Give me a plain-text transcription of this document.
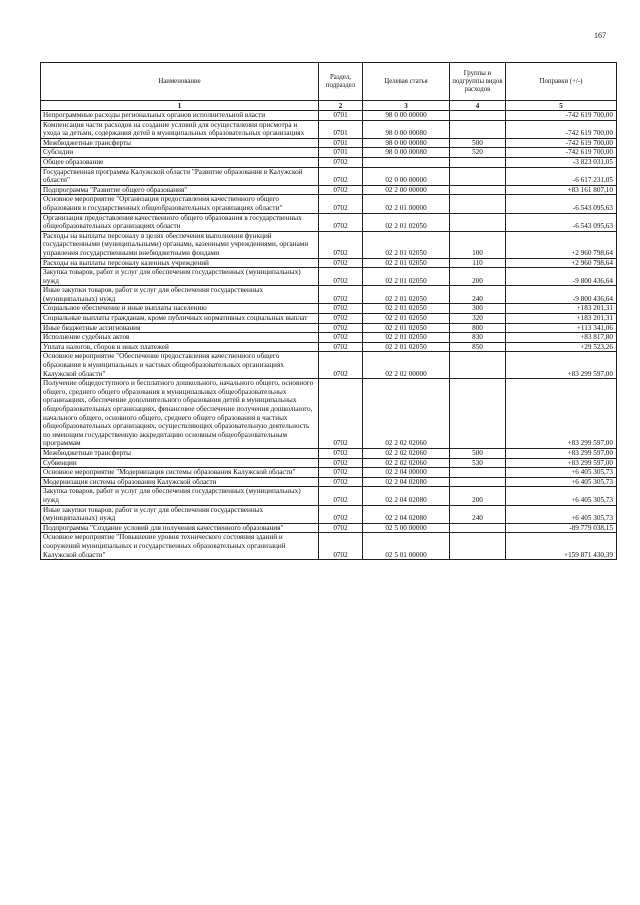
167
Наименование	Раздел, подраздел	Целевая статья	Группы и подгруппы видов расходов	Поправки (+/-)
1	2	3	4	5
Непрограммные расходы региональных органов исполнительной власти	0701	98 0 00 00000		-742 619 700,00
Компенсация части расходов на создание условий для осуществления присмотра и ухода за детьми, содержания детей в муниципальных образовательных организациях	0701	98 0 00 00080		-742 619 700,00
Межбюджетные трансферты	0701	98 0 00 00080	500	-742 619 700,00
Субсидии	0701	98 0 00 00080	520	-742 619 700,00
Общее образование	0702			-3 823 031,05
Государственная программа Калужской области "Развитие образования в Калужской области"	0702	02 0 00 00000		-6 617 231,05
Подпрограмма "Развитие общего образования"	0702	02 2 00 00000		+83 161 807,10
Основное мероприятие "Организация предоставления качественного общего образования в государственных общеобразовательных организациях области"	0702	02 2 01 00000		-6 543 095,63
Организация предоставления качественного общего образования в государственных общеобразовательных организациях области	0702	02 2 01 02050		-6 543 095,63
Расходы на выплаты персоналу в целях обеспечения выполнения функций государственными (муниципальными) органами, казенными учреждениями, органами управления государственными внебюджетными фондами	0702	02 2 01 02050	100	+2 960 798,64
Расходы на выплаты персоналу казенных учреждений	0702	02 2 01 02050	110	+2 960 798,64
Закупка товаров, работ и услуг для обеспечения государственных (муниципальных) нужд	0702	02 2 01 02050	200	-9 800 436,64
Иные закупки товаров, работ и услуг для обеспечения государственных (муниципальных) нужд	0702	02 2 01 02050	240	-9 800 436,64
Социальное обеспечение и иные выплаты населению	0702	02 2 01 02050	300	+183 201,31
Социальные выплаты гражданам, кроме публичных нормативных социальных выплат	0702	02 2 01 02050	320	+183 201,31
Иные бюджетные ассигнования	0702	02 2 01 02050	800	+113 341,06
Исполнение судебных актов	0702	02 2 01 02050	830	+83 817,80
Уплата налогов, сборов и иных платежей	0702	02 2 01 02050	850	+29 523,26
Основное мероприятие "Обеспечение предоставления качественного общего образования в муниципальных и частных общеобразовательных организациях Калужской области"	0702	02 2 02 00000		+83 299 597,00
Получение общедоступного и бесплатного дошкольного, начального общего, основного общего, среднего общего образования в муниципальных общеобразовательных организациях, обеспечение дополнительного образования детей в муниципальных общеобразовательных организациях, финансовое обеспечение получения дошкольного, начального общего, основного общего, среднего общего образования в частных общеобразовательных организациях, осуществляющих образовательную деятельность по имеющим государственную аккредитацию основным общеобразовательным программам	0702	02 2 02 02060		+83 299 597,00
Межбюджетные трансферты	0702	02 2 02 02060	500	+83 299 597,00
Субвенции	0702	02 2 02 02060	530	+83 299 597,00
Основное мероприятие "Модернизация системы образования Калужской области"	0702	02 2 04 00000		+6 405 305,73
Модернизация системы образования Калужской области	0702	02 2 04 02080		+6 405 305,73
Закупка товаров, работ и услуг для обеспечения государственных (муниципальных) нужд	0702	02 2 04 02080	200	+6 405 305,73
Иные закупки товаров, работ и услуг для обеспечения государственных (муниципальных) нужд	0702	02 2 04 02080	240	+6 405 305,73
Подпрограмма "Создание условий для получения качественного образования"	0702	02 5 00 00000		-89 779 038,15
Основное мероприятие "Повышение уровня технического состояния зданий и сооружений муниципальных и государственных образовательных организаций Калужской области"	0702	02 5 01 00000		+159 871 430,39
